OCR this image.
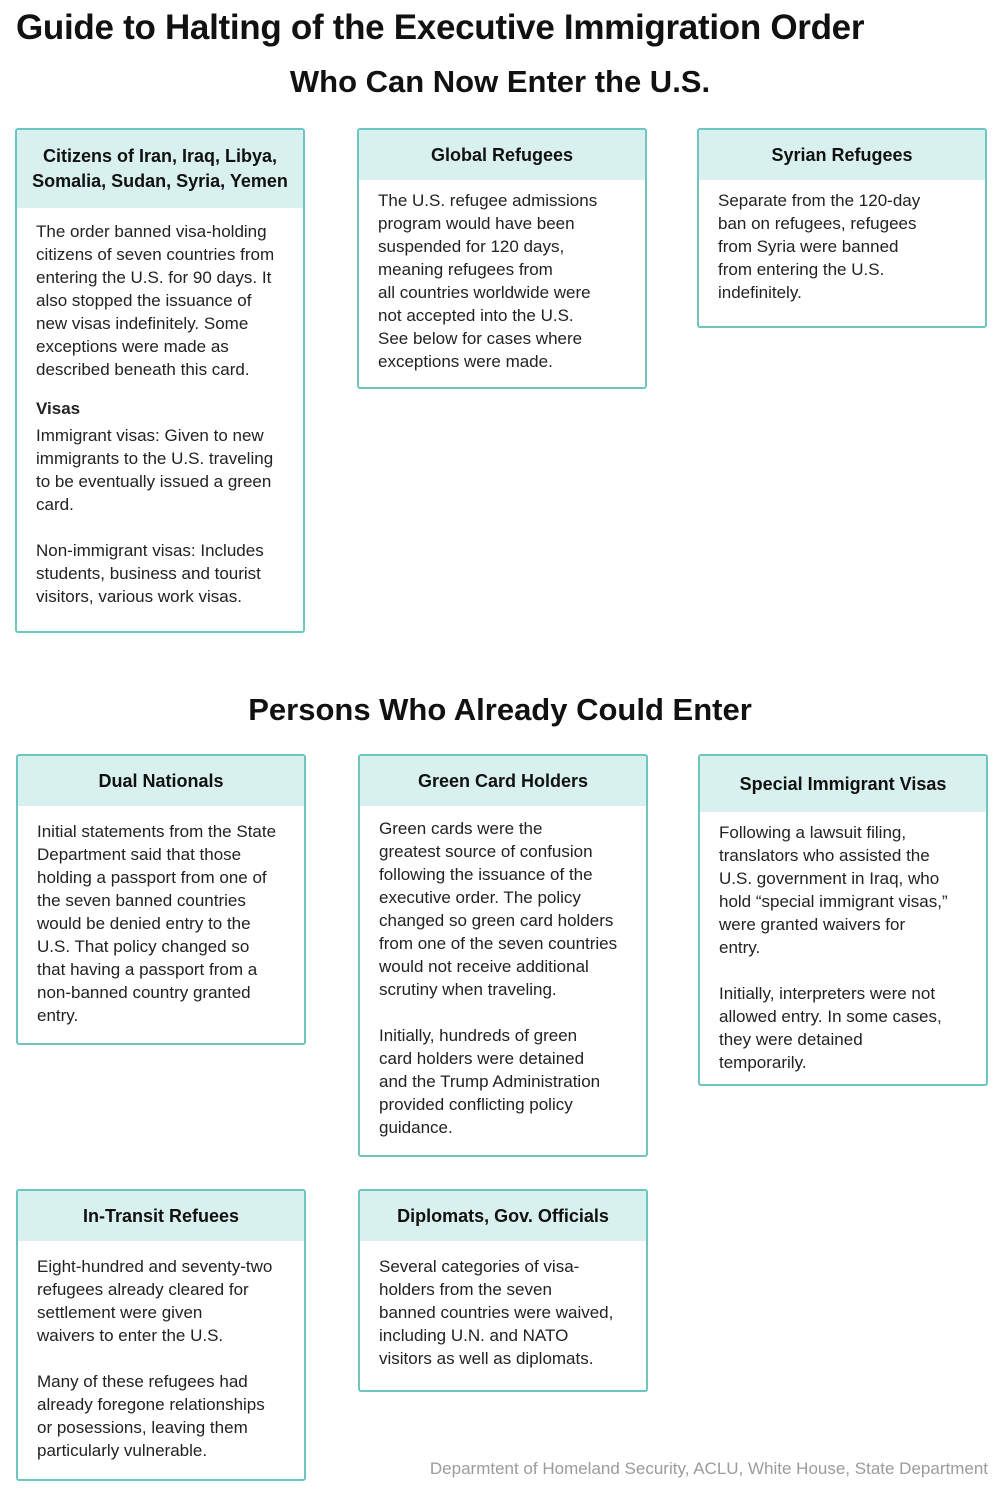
Guide to Halting of the Executive Immigration Order
Who Can Now Enter the U.S.
Citizens of Iran, Iraq, Libya,
Somalia, Sudan, Syria, Yemen
The order banned visa-holding
citizens of seven countries from
entering the U.S. for 90 days. It
also stopped the issuance of
new visas indefinitely. Some
exceptions were made as
described beneath this card.
Visas
Immigrant visas: Given to new
immigrants to the U.S. traveling
to be eventually issued a green
card.
Non-immigrant visas: Includes
students, business and tourist
visitors, various work visas.
Global Refugees
The U.S. refugee admissions
program would have been
suspended for 120 days,
meaning refugees from
all countries worldwide were
not accepted into the U.S.
See below for cases where
exceptions were made.
Syrian Refugees
Separate from the 120-day
ban on refugees, refugees
from Syria were banned
from entering the U.S.
indefinitely.
Persons Who Already Could Enter
Dual Nationals
Initial statements from the State
Department said that those
holding a passport from one of
the seven banned countries
would be denied entry to the
U.S. That policy changed so
that having a passport from a
non-banned country granted
entry.
Green Card Holders
Green cards were the
greatest source of confusion
following the issuance of the
executive order. The policy
changed so green card holders
from one of the seven countries
would not receive additional
scrutiny when traveling.
Initially, hundreds of green
card holders were detained
and the Trump Administration
provided conflicting policy
guidance.
Special Immigrant Visas
Following a lawsuit filing,
translators who assisted the
U.S. government in Iraq, who
hold “special immigrant visas,”
were granted waivers for
entry.
Initially, interpreters were not
allowed entry. In some cases,
they were detained
temporarily.
In-Transit Refuees
Eight-hundred and seventy-two
refugees already cleared for
settlement were given
waivers to enter the U.S.
Many of these refugees had
already foregone relationships
or posessions, leaving them
particularly vulnerable.
Diplomats, Gov. Officials
Several categories of visa-
holders from the seven
banned countries were waived,
including U.N. and NATO
visitors as well as diplomats.
Deparmtent of Homeland Security, ACLU, White House, State Department
